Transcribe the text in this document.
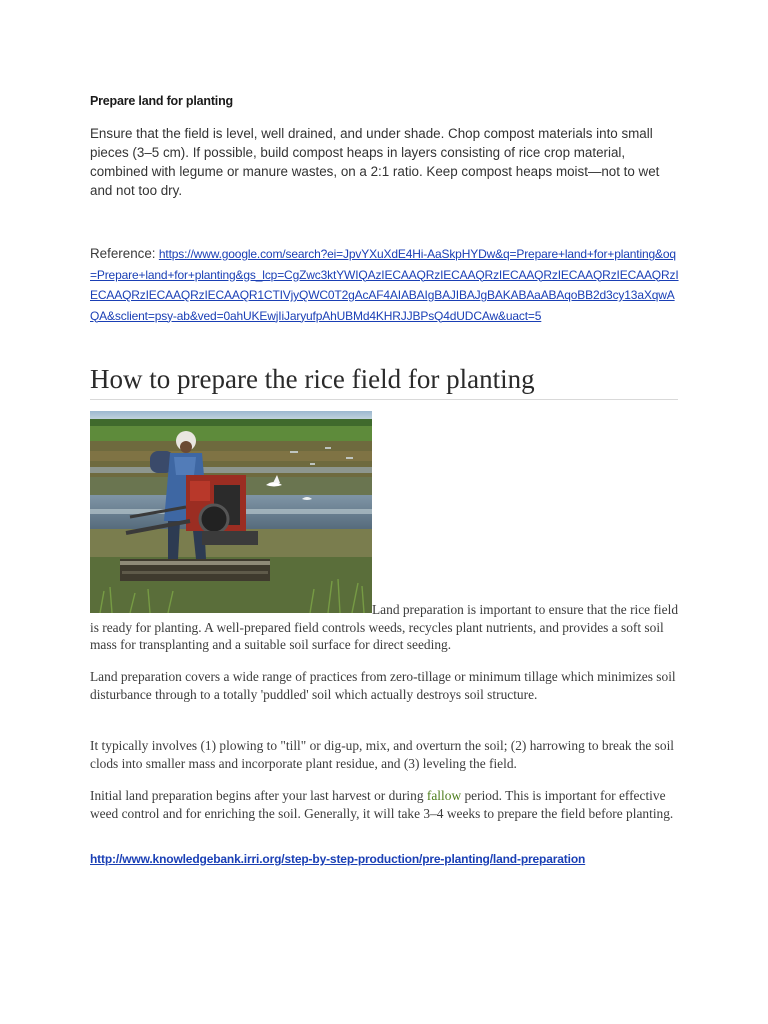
Prepare land for planting
Ensure that the field is level, well drained, and under shade. Chop compost materials into small pieces (3–5 cm). If possible, build compost heaps in layers consisting of rice crop material, combined with legume or manure wastes, on a 2:1 ratio. Keep compost heaps moist—not to wet and not too dry.
Reference: https://www.google.com/search?ei=JpvYXuXdE4Hi-AaSkpHYDw&q=Prepare+land+for+planting&oq=Prepare+land+for+planting&gs_lcp=CgZwc3ktYWIQAzIECAAQRzIECAAQRzIECAAQRzIECAAQRzIECAAQRzIECAAQRzIECAAQRzIECAAQR1CTIVjyQWC0T2gAcAF4AIABAIgBAJIBAJgBAKABAaABAqoBB2d3cy13aXqwAQA&sclient=psy-ab&ved=0ahUKEwjIiJaryufpAhUBMd4KHRJJBPsQ4dUDCAw&uact=5
How to prepare the rice field for planting

Land preparation is important to ensure that the rice field is ready for planting. A well-prepared field controls weeds, recycles plant nutrients, and provides a soft soil mass for transplanting and a suitable soil surface for direct seeding.

Land preparation covers a wide range of practices from zero-tillage or minimum tillage which minimizes soil disturbance through to a totally 'puddled' soil which actually destroys soil structure.

It typically involves (1) plowing to "till" or dig-up, mix, and overturn the soil; (2) harrowing to break the soil clods into smaller mass and incorporate plant residue, and (3) leveling the field.

Initial land preparation begins after your last harvest or during fallow period. This is important for effective weed control and for enriching the soil. Generally, it will take 3–4 weeks to prepare the field before planting.

http://www.knowledgebank.irri.org/step-by-step-production/pre-planting/land-preparation
